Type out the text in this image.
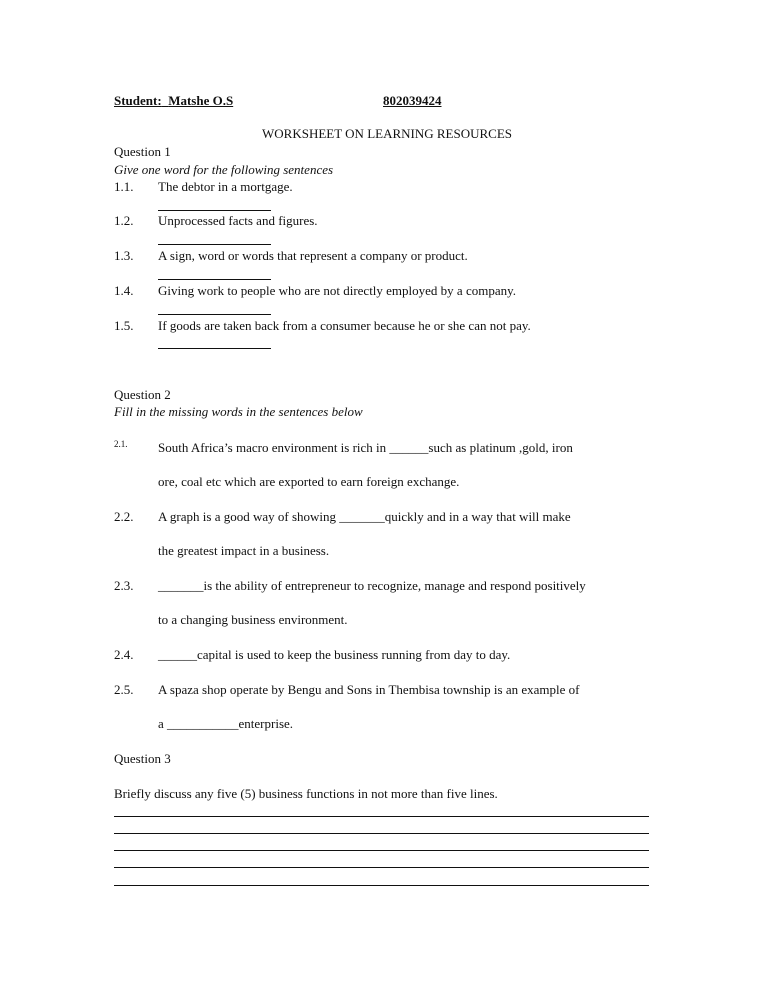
Student: Matshe O.S	802039424
WORKSHEET ON LEARNING RESOURCES
Question 1
Give one word for the following sentences
1.1. The debtor in a mortgage.
1.2. Unprocessed facts and figures.
1.3. A sign, word or words that represent a company or product.
1.4. Giving work to people who are not directly employed by a company.
1.5. If goods are taken back from a consumer because he or she can not pay.
Question 2
Fill in the missing words in the sentences below
2.1. South Africa’s macro environment is rich in ______such as platinum ,gold, iron
ore, coal etc which are exported to earn foreign exchange.
2.2. A graph is a good way of showing _______quickly and in a way that will make
the greatest impact in a business.
2.3. _______is the ability of entrepreneur to recognize, manage and respond positively
to a changing business environment.
2.4. ______capital is used to keep the business running from day to day.
2.5. A spaza shop operate by Bengu and Sons in Thembisa township is an example of
a ___________enterprise.
Question 3
Briefly discuss any five (5) business functions in not more than five lines.
